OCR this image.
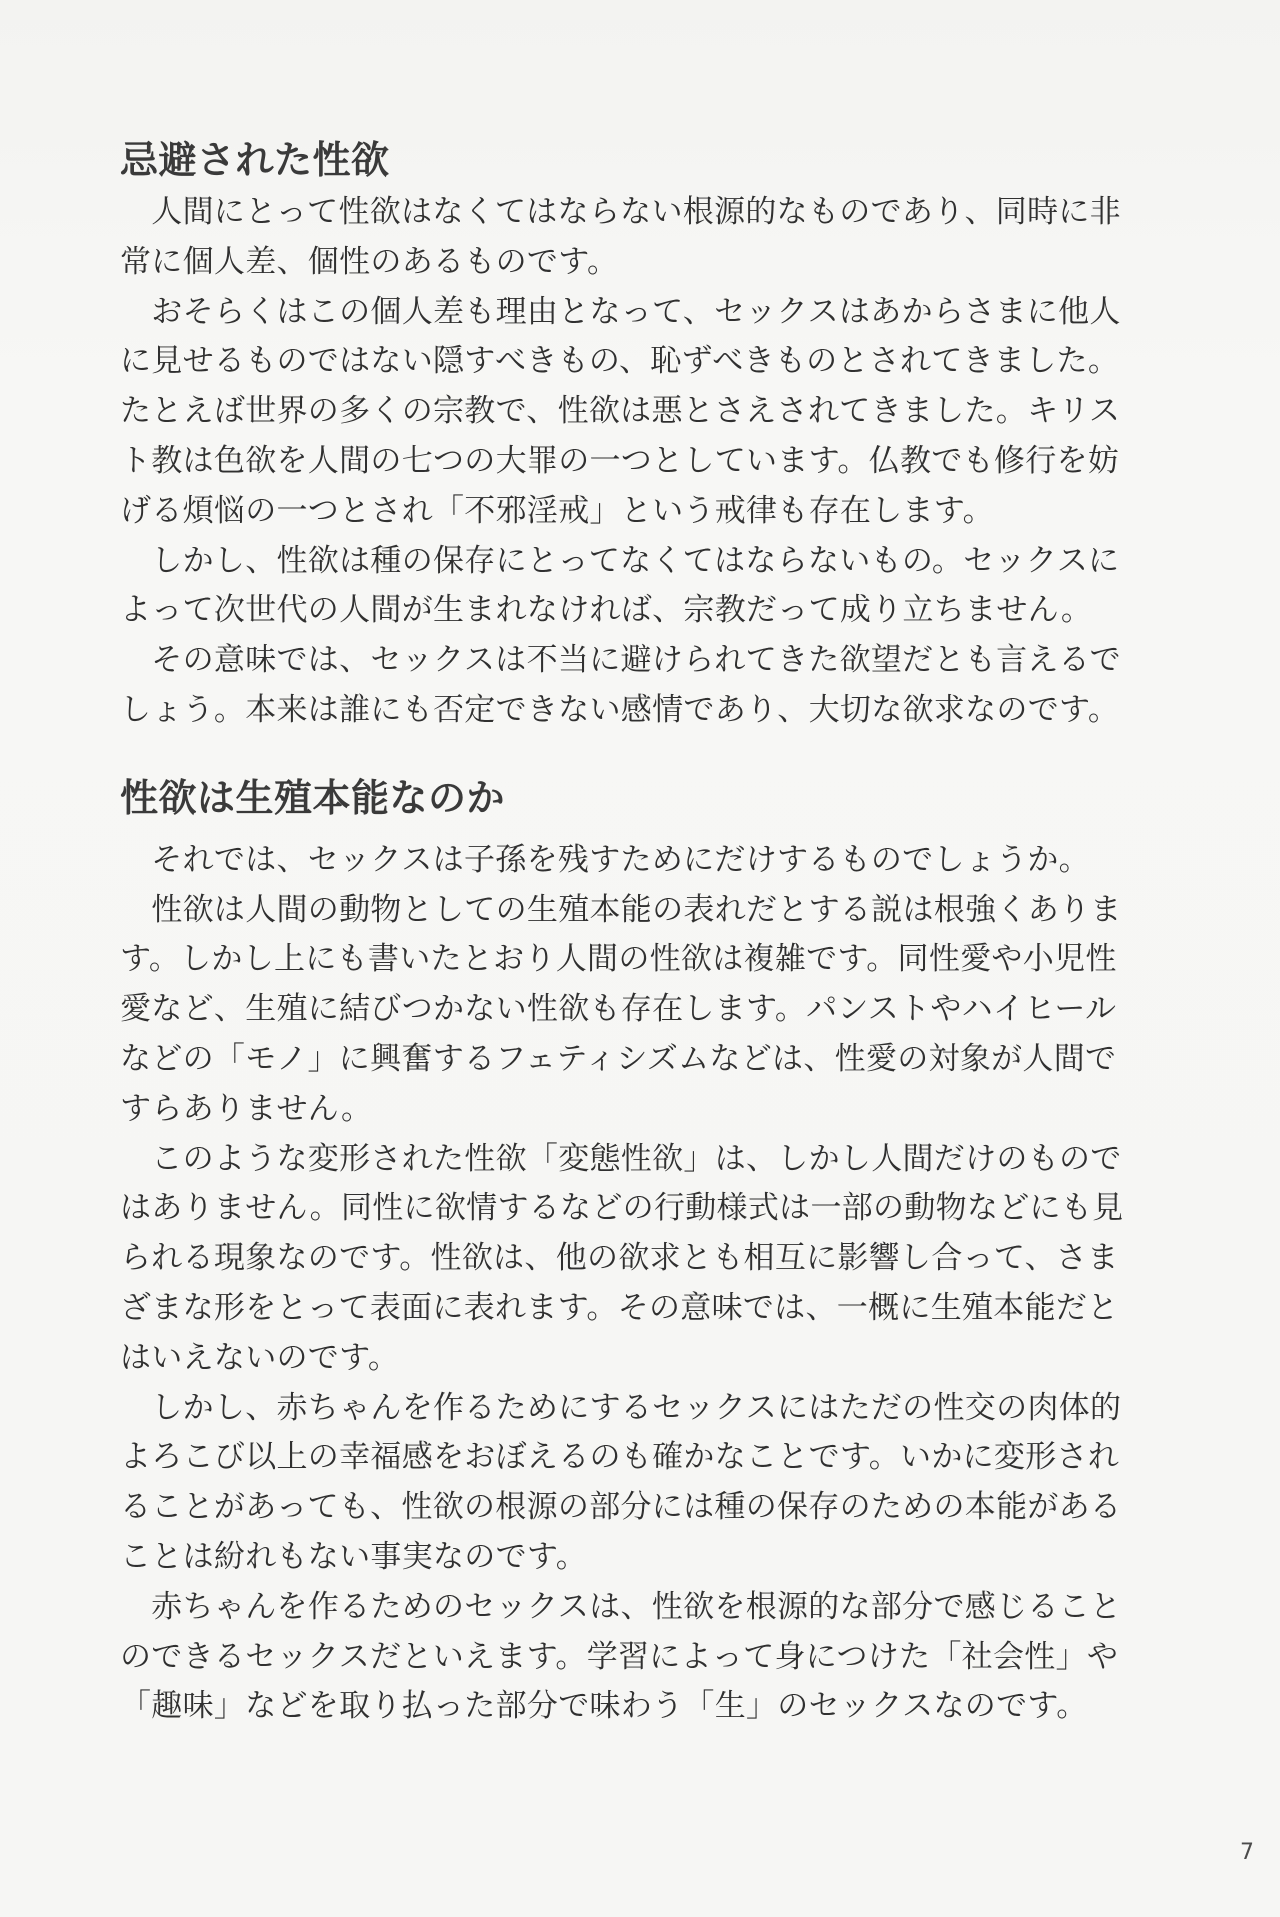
忌避された性欲

　人間にとって性欲はなくてはならない根源的なものであり、同時に非
常に個人差、個性のあるものです。

　おそらくはこの個人差も理由となって、セックスはあからさまに他人
に見せるものではない隠すべきもの、恥ずべきものとされてきました。
たとえば世界の多くの宗教で、性欲は悪とさえされてきました。キリス
ト教は色欲を人間の七つの大罪の一つとしています。仏教でも修行を妨
げる煩悩の一つとされ「不邪淫戒」という戒律も存在します。

　しかし、性欲は種の保存にとってなくてはならないもの。セックスに
よって次世代の人間が生まれなければ、宗教だって成り立ちません。

　その意味では、セックスは不当に避けられてきた欲望だとも言えるで
しょう。本来は誰にも否定できない感情であり、大切な欲求なのです。

性欲は生殖本能なのか

　それでは、セックスは子孫を残すためにだけするものでしょうか。

　性欲は人間の動物としての生殖本能の表れだとする説は根強くありま
す。しかし上にも書いたとおり人間の性欲は複雑です。同性愛や小児性
愛など、生殖に結びつかない性欲も存在します。パンストやハイヒール
などの「モノ」に興奮するフェティシズムなどは、性愛の対象が人間で
すらありません。

　このような変形された性欲「変態性欲」は、しかし人間だけのもので
はありません。同性に欲情するなどの行動様式は一部の動物などにも見
られる現象なのです。性欲は、他の欲求とも相互に影響し合って、さま
ざまな形をとって表面に表れます。その意味では、一概に生殖本能だと
はいえないのです。

　しかし、赤ちゃんを作るためにするセックスにはただの性交の肉体的
よろこび以上の幸福感をおぼえるのも確かなことです。いかに変形され
ることがあっても、性欲の根源の部分には種の保存のための本能がある
ことは紛れもない事実なのです。

　赤ちゃんを作るためのセックスは、性欲を根源的な部分で感じること
のできるセックスだといえます。学習によって身につけた「社会性」や
「趣味」などを取り払った部分で味わう「生」のセックスなのです。

7
